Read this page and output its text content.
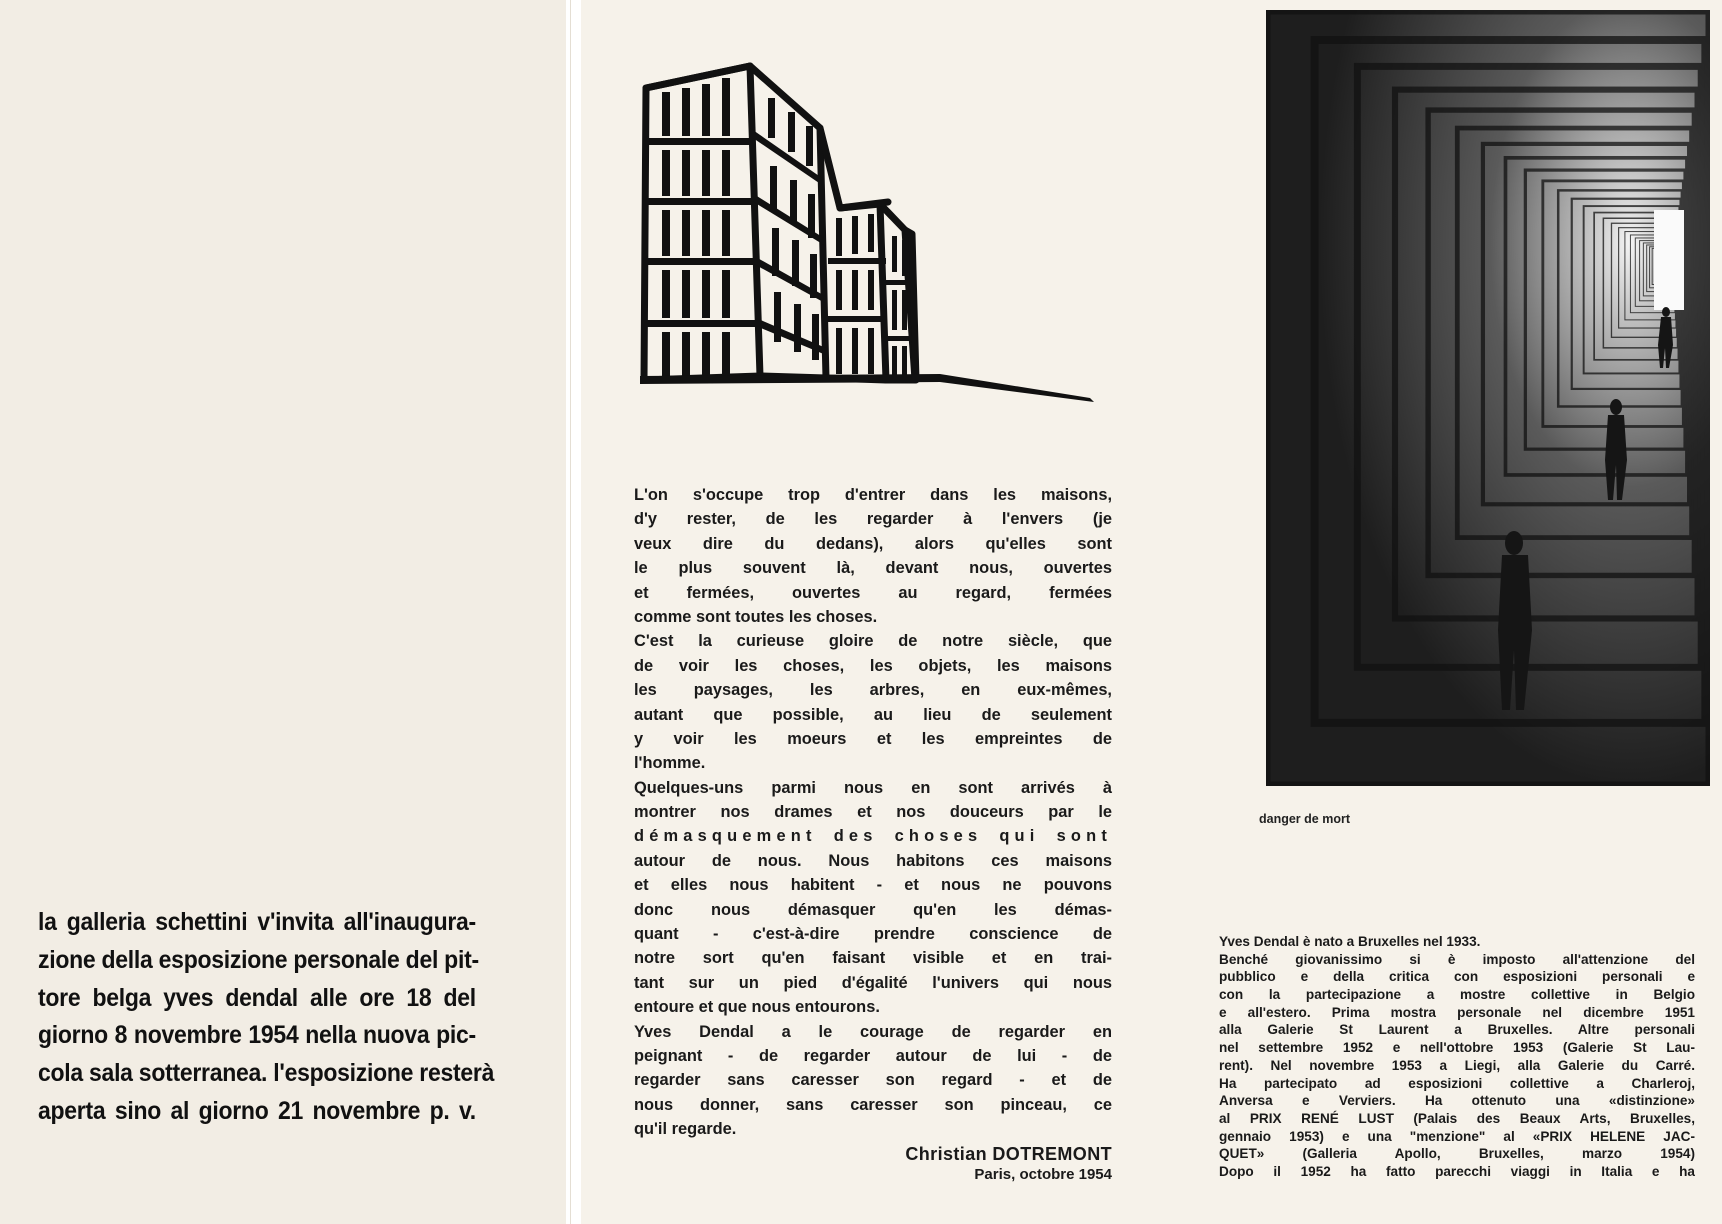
la galleria schettini v'invita all'inaugura-
zione della esposizione personale del pit-
tore belga yves dendal alle ore 18 del
giorno 8 novembre 1954 nella nuova pic-
cola sala sotterranea. l'esposizione resterà
aperta sino al giorno 21 novembre p. v.

L'on s'occupe trop d'entrer dans les maisons,
d'y rester, de les regarder à l'envers (je
veux dire du dedans), alors qu'elles sont
le plus souvent là, devant nous, ouvertes
et fermées, ouvertes au regard, fermées
comme sont toutes les choses.
C'est la curieuse gloire de notre siècle, que
de voir les choses, les objets, les maisons
les paysages, les arbres, en eux-mêmes,
autant que possible, au lieu de seulement
y voir les moeurs et les empreintes de
l'homme.
Quelques-uns parmi nous en sont arrivés à
montrer nos drames et nos douceurs par le
démasquement des choses qui sont
autour de nous. Nous habitons ces maisons
et elles nous habitent - et nous ne pouvons
donc nous démasquer qu'en les démas-
quant - c'est-à-dire prendre conscience de
notre sort qu'en faisant visible et en trai-
tant sur un pied d'égalité l'univers qui nous
entoure et que nous entourons.
Yves Dendal a le courage de regarder en
peignant - de regarder autour de lui - de
regarder sans caresser son regard - et de
nous donner, sans caresser son pinceau, ce
qu'il regarde.
Christian DOTREMONT
Paris, octobre 1954
danger de mort
Yves Dendal è nato a Bruxelles nel 1933.
Benché giovanissimo si è imposto all'attenzione del
pubblico e della critica con esposizioni personali e
con la partecipazione a mostre collettive in Belgio
e all'estero. Prima mostra personale nel dicembre 1951
alla Galerie St Laurent a Bruxelles. Altre personali
nel settembre 1952 e nell'ottobre 1953 (Galerie St Lau-
rent). Nel novembre 1953 a Liegi, alla Galerie du Carré.
Ha partecipato ad esposizioni collettive a Charleroj,
Anversa e Verviers. Ha ottenuto una «distinzione»
al PRIX RENÉ LUST (Palais des Beaux Arts, Bruxelles,
gennaio 1953) e una "menzione" al «PRIX HELENE JAC-
QUET» (Galleria Apollo, Bruxelles, marzo 1954)
Dopo il 1952 ha fatto parecchi viaggi in Italia e ha
